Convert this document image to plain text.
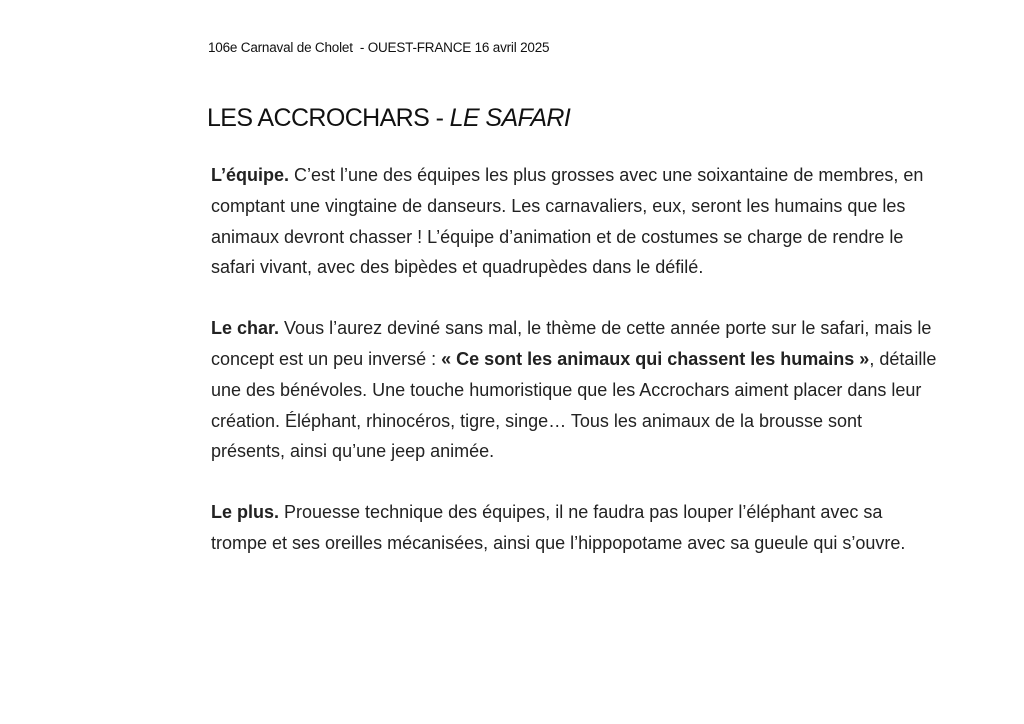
106e Carnaval de Cholet  - OUEST-FRANCE 16 avril 2025
LES ACCROCHARS - LE SAFARI

L’équipe. C’est l’une des équipes les plus grosses avec une soixantaine de membres, en comptant une vingtaine de danseurs. Les carnavaliers, eux, seront les humains que les animaux devront chasser ! L’équipe d’animation et de costumes se charge de rendre le safari vivant, avec des bipèdes et quadrupèdes dans le défilé.

Le char. Vous l’aurez deviné sans mal, le thème de cette année porte sur le safari, mais le concept est un peu inversé : « Ce sont les animaux qui chassent les humains », détaille une des bénévoles. Une touche humoristique que les Accrochars aiment placer dans leur création. Éléphant, rhinocéros, tigre, singe… Tous les animaux de la brousse sont présents, ainsi qu’une jeep animée.

Le plus. Prouesse technique des équipes, il ne faudra pas louper l’éléphant avec sa trompe et ses oreilles mécanisées, ainsi que l’hippopotame avec sa gueule qui s’ouvre.
